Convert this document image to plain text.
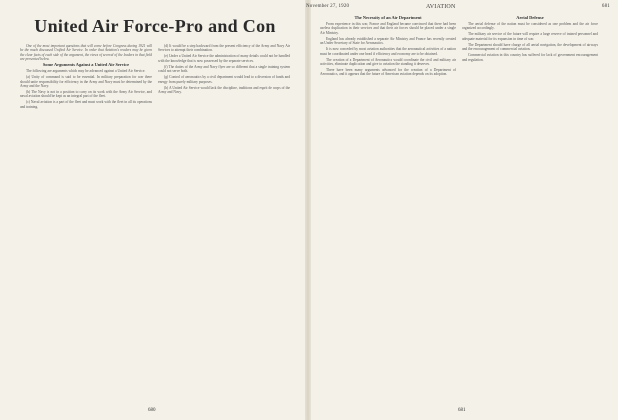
November 27, 1920	AVIATION	681
United Air Force-Pro and Con

One of the most important questions that will come before Congress during 1921 will be the much discussed Unified Air Service. In order that Aviation's readers may be given the clear facts of each side of the argument, the views of several of the leaders in that field are presented below.

Some Arguments Against a United Air Service

The following are arguments which may be advanced against a United Air Service.

(a) Unity of command is said to be essential. In military preparation for war there should unite responsibility for efficiency in the Army and Navy must be determined by the Army and the Navy.

(b) The Navy is not in a position to carry on its work with the Army Air Service, and naval aviation should be kept as an integral part of the fleet.

(c) Naval aviation is a part of the fleet and must work with the fleet in all its operations and training.

(d) It would be a step backward from the present efficiency of the Army and Navy Air Services to attempt their combination.

(e) Under a United Air Service the administration of many details could not be handled with the knowledge that is now possessed by the separate services.

(f) The duties of the Army and Navy flyer are so different that a single training system could not serve both.

(g) Control of aeronautics by a civil department would lead to a diversion of funds and energy from purely military purposes.

(h) A United Air Service would lack the discipline, traditions and esprit de corps of the Army and Navy.

680

The Necessity of an Air Department

From experience in this war, France and England became convinced that there had been useless duplication in their services and that their air forces should be placed under a single Air Ministry.

England has already established a separate Air Ministry and France has recently created an Under Secretary of State for Aeronautics.

It is now conceded by most aviation authorities that the aeronautical activities of a nation must be coordinated under one head if efficiency and economy are to be obtained.

The creation of a Department of Aeronautics would coordinate the civil and military air activities, eliminate duplication and give to aviation the standing it deserves.

There have been many arguments advanced for the creation of a Department of Aeronautics, and it appears that the future of American aviation depends on its adoption.

Aerial Defense

The aerial defense of the nation must be considered as one problem and the air force organized accordingly.

The military air service of the future will require a large reserve of trained personnel and adequate material for its expansion in time of war.

The Department should have charge of all aerial navigation, the development of airways and the encouragement of commercial aviation.

Commercial aviation in this country has suffered for lack of government encouragement and regulation.

681
